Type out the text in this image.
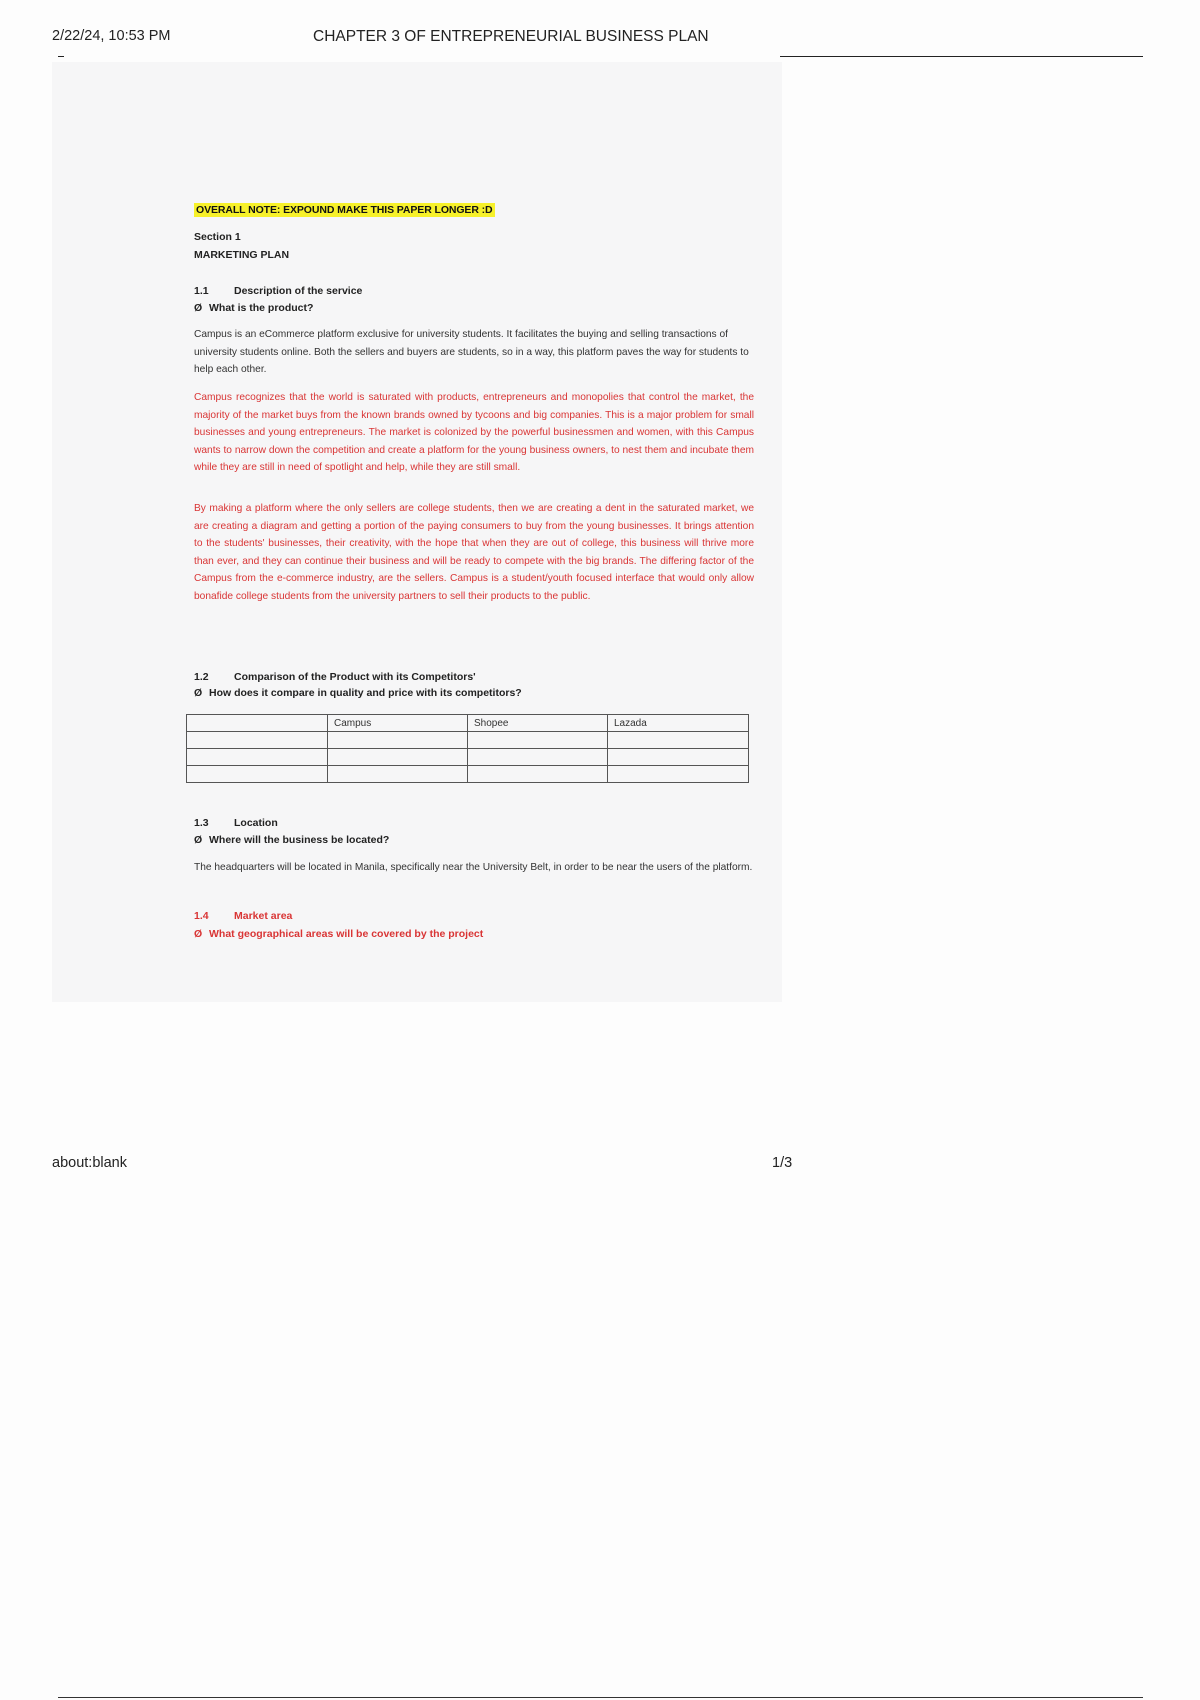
2/22/24, 10:53 PM	CHAPTER 3 OF ENTREPRENEURIAL BUSINESS PLAN
OVERALL NOTE: EXPOUND MAKE THIS PAPER LONGER :D
Section 1
MARKETING PLAN
1.1 Description of the service
Ø What is the product?
Campus is an eCommerce platform exclusive for university students. It facilitates the buying and selling transactions of university students online. Both the sellers and buyers are students, so in a way, this platform paves the way for students to help each other.
Campus recognizes that the world is saturated with products, entrepreneurs and monopolies that control the market, the majority of the market buys from the known brands owned by tycoons and big companies. This is a major problem for small businesses and young entrepreneurs. The market is colonized by the powerful businessmen and women, with this Campus wants to narrow down the competition and create a platform for the young business owners, to nest them and incubate them while they are still in need of spotlight and help, while they are still small.
By making a platform where the only sellers are college students, then we are creating a dent in the saturated market, we are creating a diagram and getting a portion of the paying consumers to buy from the young businesses. It brings attention to the students' businesses, their creativity, with the hope that when they are out of college, this business will thrive more than ever, and they can continue their business and will be ready to compete with the big brands. The differing factor of the Campus from the e-commerce industry, are the sellers. Campus is a student/youth focused interface that would only allow bonafide college students from the university partners to sell their products to the public.
1.2 Comparison of the Product with its Competitors'
Ø How does it compare in quality and price with its competitors?
	Campus	Shopee	Lazada

1.3 Location
Ø Where will the business be located?
The headquarters will be located in Manila, specifically near the University Belt, in order to be near the users of the platform.
1.4 Market area
Ø What geographical areas will be covered by the project
about:blank	1/3
